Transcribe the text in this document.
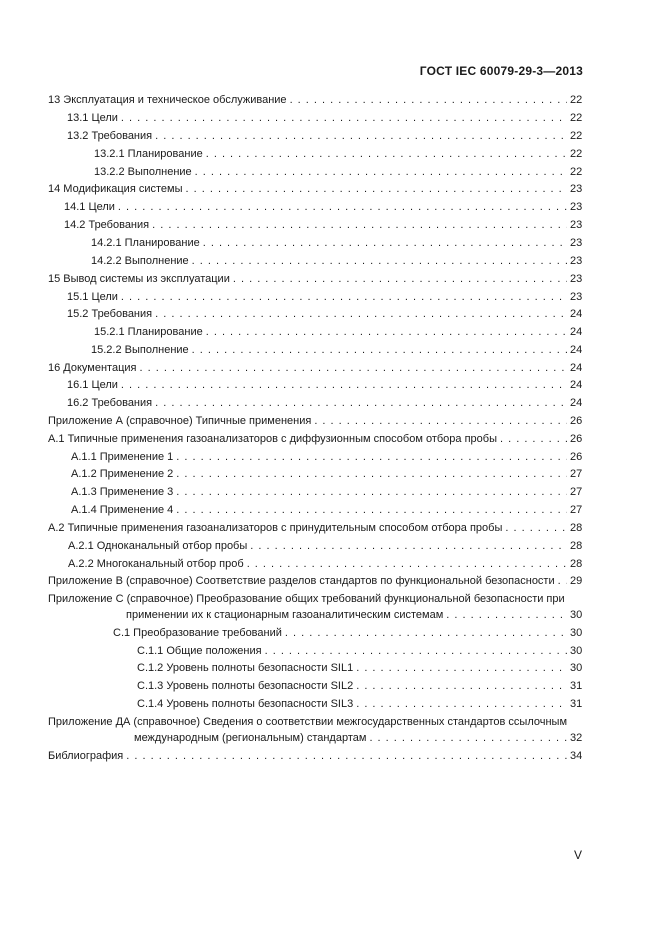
ГОСТ IEC 60079-29-3—2013
13 Эксплуатация и техническое обслуживание . . .	22
13.1 Цели . . .	22
13.2 Требования . . .	22
13.2.1 Планирование . . .	22
13.2.2 Выполнение . . .	22
14 Модификация системы . . .	23
14.1 Цели . . .	23
14.2 Требования . . .	23
14.2.1 Планирование . . .	23
14.2.2 Выполнение . . .	23
15 Вывод системы из эксплуатации . . .	23
15.1 Цели . . .	23
15.2 Требования . . .	24
15.2.1 Планирование . . .	24
15.2.2 Выполнение . . .	24
16 Документация . . .	24
16.1 Цели . . .	24
16.2 Требования . . .	24
Приложение А (справочное) Типичные применения . . .	26
А.1 Типичные применения газоанализаторов с диффузионным способом отбора пробы . . .	26
А.1.1 Применение 1 . . .	26
А.1.2 Применение 2 . . .	27
А.1.3 Применение 3 . . .	27
А.1.4 Применение 4 . . .	27
А.2 Типичные применения газоанализаторов с принудительным способом отбора пробы . . .	28
А.2.1 Одноканальный отбор пробы . . .	28
А.2.2 Многоканальный отбор проб . . .	28
Приложение В (справочное) Соответствие разделов стандартов по функциональной безопасности . . . 29
Приложение С (справочное) Преобразование общих требований функциональной безопасности при
применении их к стационарным газоаналитическим системам . . .	30
С.1 Преобразование требований . . .	30
С.1.1 Общие положения . . .	30
С.1.2 Уровень полноты безопасности SIL1 . . .	30
С.1.3 Уровень полноты безопасности SIL2 . . .	31
С.1.4 Уровень полноты безопасности SIL3 . . .	31
Приложение ДА (справочное) Сведения о соответствии межгосударственных стандартов ссылочным
международным (региональным) стандартам . . .	32
Библиография . . .	34
V
